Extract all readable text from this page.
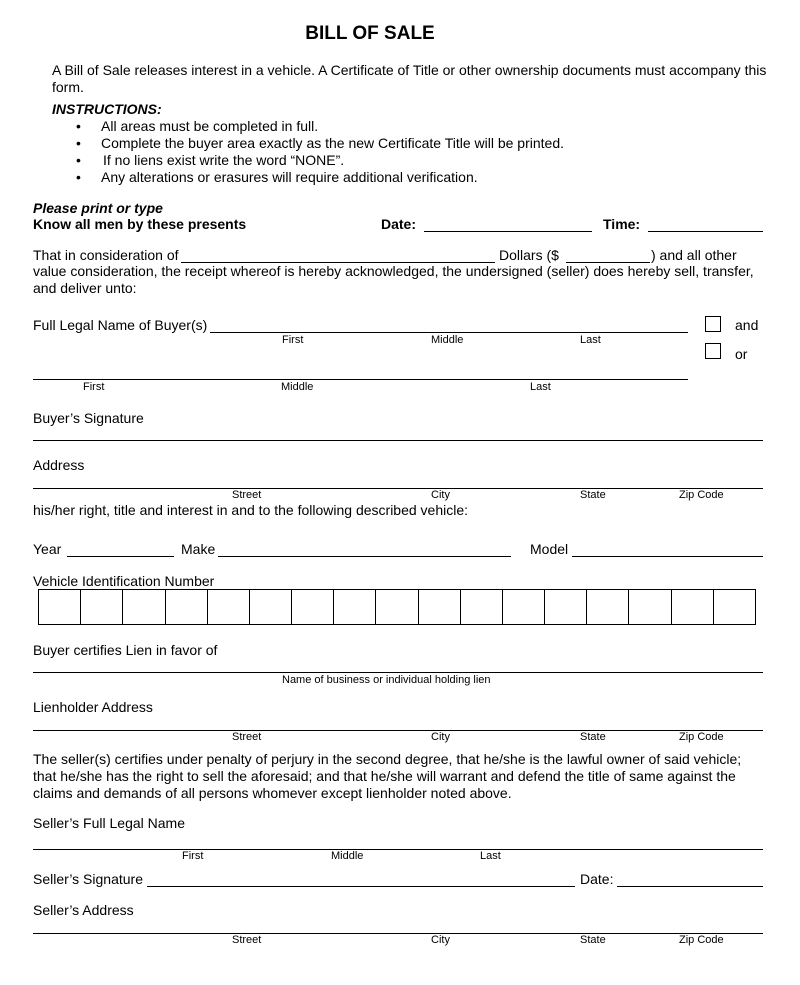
BILL OF SALE
A Bill of Sale releases interest in a vehicle. A Certificate of Title or other ownership documents must accompany this form.
INSTRUCTIONS:
• All areas must be completed in full.
• Complete the buyer area exactly as the new Certificate Title will be printed.
• If no liens exist write the word “NONE”.
• Any alterations or erasures will require additional verification.
Please print or type
Know all men by these presents	Date:	Time:
That in consideration of	Dollars ($	) and all other
value consideration, the receipt whereof is hereby acknowledged, the undersigned (seller) does hereby sell, transfer, and deliver unto:
Full Legal Name of Buyer(s)
First	Middle	Last
and
or
First	Middle	Last
Buyer’s Signature
Address
Street	City	State	Zip Code
his/her right, title and interest in and to the following described vehicle:
Year	Make	Model
Vehicle Identification Number
Buyer certifies Lien in favor of
Name of business or individual holding lien
Lienholder Address
Street	City	State	Zip Code
The seller(s) certifies under penalty of perjury in the second degree, that he/she is the lawful owner of said vehicle; that he/she has the right to sell the aforesaid; and that he/she will warrant and defend the title of same against the claims and demands of all persons whomever except lienholder noted above.
Seller’s Full Legal Name
First	Middle	Last
Seller’s Signature	Date:
Seller’s Address
Street	City	State	Zip Code
